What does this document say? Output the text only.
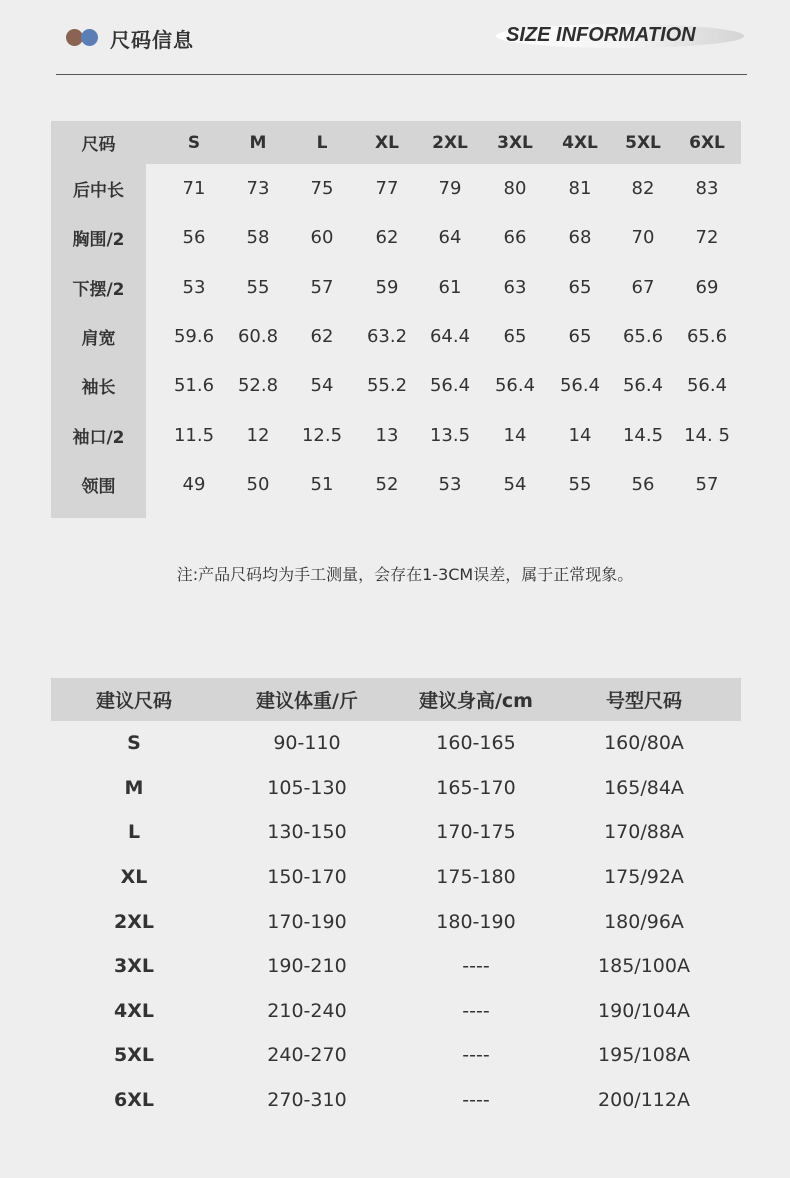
尺码信息	SIZE INFORMATION
尺码	S	M	L	XL	2XL	3XL	4XL	5XL	6XL
后中长	71	73	75	77	79	80	81	82	83
胸围/2	56	58	60	62	64	66	68	70	72
下摆/2	53	55	57	59	61	63	65	67	69
肩宽	59.6	60.8	62	63.2	64.4	65	65	65.6	65.6
袖长	51.6	52.8	54	55.2	56.4	56.4	56.4	56.4	56.4
袖口/2	11.5	12	12.5	13	13.5	14	14	14.5	14. 5
领围	49	50	51	52	53	54	55	56	57
注:产品尺码均为手工测量，会存在1-3CM误差，属于正常现象。
建议尺码	建议体重/斤	建议身高/cm	号型尺码
S	90-110	160-165	160/80A
M	105-130	165-170	165/84A
L	130-150	170-175	170/88A
XL	150-170	175-180	175/92A
2XL	170-190	180-190	180/96A
3XL	190-210	----	185/100A
4XL	210-240	----	190/104A
5XL	240-270	----	195/108A
6XL	270-310	----	200/112A
